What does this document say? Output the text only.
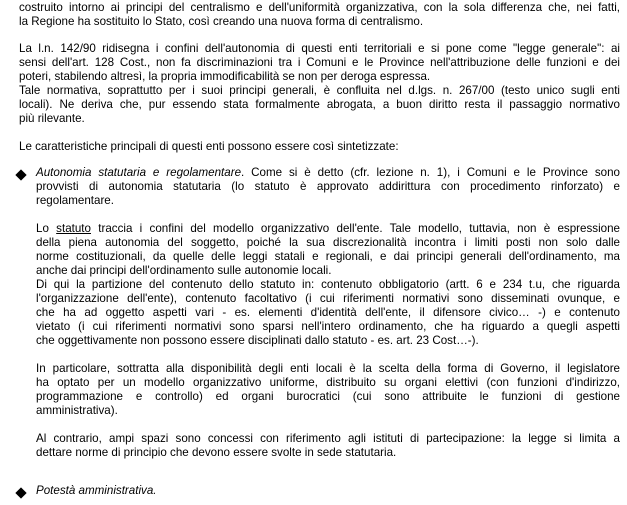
costruito intorno ai principi del centralismo e dell'uniformità organizzativa, con la sola differenza che, nei fatti,
la Regione ha sostituito lo Stato, così creando una nuova forma di centralismo.
La l.n. 142/90 ridisegna i confini dell'autonomia di questi enti territoriali e si pone come "legge generale": ai
sensi dell'art. 128 Cost., non fa discriminazioni tra i Comuni e le Province nell'attribuzione delle funzioni e dei
poteri, stabilendo altresì, la propria immodificabilità se non per deroga espressa.
Tale normativa, soprattutto per i suoi principi generali, è confluita nel d.lgs. n. 267/00 (testo unico sugli enti
locali). Ne deriva che, pur essendo stata formalmente abrogata, a buon diritto resta il passaggio normativo
più rilevante.
Le caratteristiche principali di questi enti possono essere così sintetizzate:
Autonomia statutaria e regolamentare. Come si è detto (cfr. lezione n. 1), i Comuni e le Province sono
provvisti di autonomia statutaria (lo statuto è approvato addirittura con procedimento rinforzato) e
regolamentare.
Lo statuto traccia i confini del modello organizzativo dell'ente. Tale modello, tuttavia, non è espressione
della piena autonomia del soggetto, poiché la sua discrezionalità incontra i limiti posti non solo dalle
norme costituzionali, da quelle delle leggi statali e regionali, e dai principi generali dell'ordinamento, ma
anche dai principi dell'ordinamento sulle autonomie locali.
Di qui la partizione del contenuto dello statuto in: contenuto obbligatorio (artt. 6 e 234 t.u, che riguarda
l'organizzazione dell'ente), contenuto facoltativo (i cui riferimenti normativi sono disseminati ovunque, e
che ha ad oggetto aspetti vari - es. elementi d'identità dell'ente, il difensore civico… -) e contenuto
vietato (i cui riferimenti normativi sono sparsi nell'intero ordinamento, che ha riguardo a quegli aspetti
che oggettivamente non possono essere disciplinati dallo statuto - es. art. 23 Cost…-).
In particolare, sottratta alla disponibilità degli enti locali è la scelta della forma di Governo, il legislatore
ha optato per un modello organizzativo uniforme, distribuito su organi elettivi (con funzioni d'indirizzo,
programmazione e controllo) ed organi burocratici (cui sono attribuite le funzioni di gestione
amministrativa).
Al contrario, ampi spazi sono concessi con riferimento agli istituti di partecipazione: la legge si limita a
dettare norme di principio che devono essere svolte in sede statutaria.
Potestà amministrativa.
